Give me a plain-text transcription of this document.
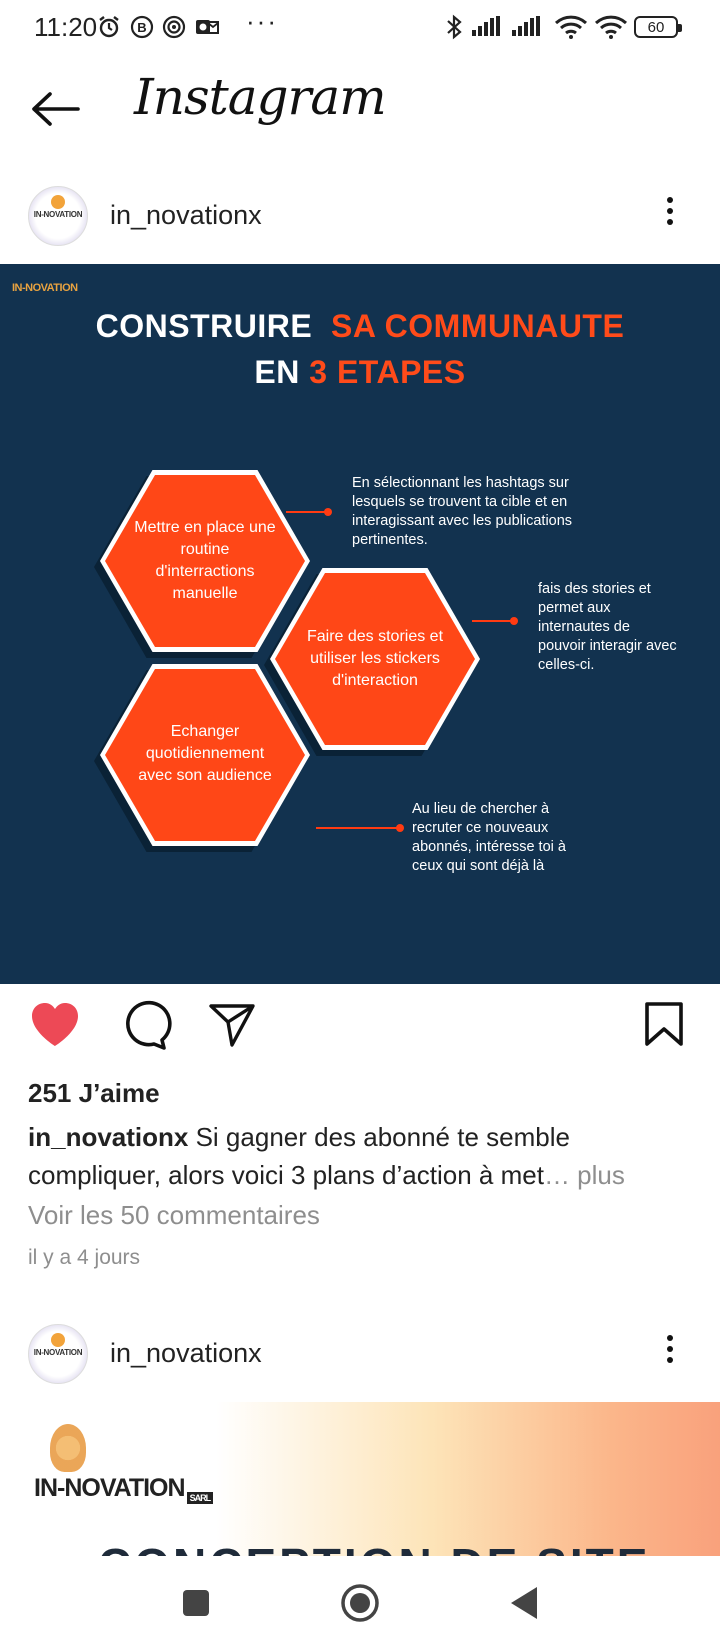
11:20	B	···	60
Instagram
IN-NOVATION in_novationx
IN-NOVATION
CONSTRUIRE SA COMMUNAUTE
EN 3 ETAPES
Mettre en place une routine d'interractions manuelle
Echanger quotidiennement avec son audience
Faire des stories et utiliser les stickers d'interaction
En sélectionnant les hashtags sur lesquels se trouvent ta cible et en interagissant avec les publications pertinentes.
fais des stories et permet aux internautes de pouvoir interagir avec celles-ci.
Au lieu de chercher à recruter ce nouveaux abonnés, intéresse toi à ceux qui sont déjà là
251 J’aime
in_novationx Si gagner des abonné te semble compliquer, alors voici 3 plans d’action à met… plus
Voir les 50 commentaires
il y a 4 jours
IN-NOVATION in_novationx
IN-NOVATION SARL
